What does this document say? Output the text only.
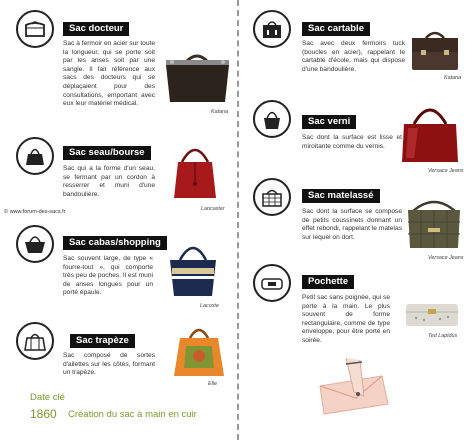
Sac docteur
Sac à fermoir en acier sur toute la longueur, qui se porte soit par les anses soit par une sangle. Il fait référence aux sacs des docteurs qui se déplaçaient pour des consultations, emportant avec eux leur matériel médical.
Katana
Sac seau/bourse
Sac qui a la forme d'un seau, se fermant par un cordon à resserrer et muni d'une bandoulière.
Lancaster
© www.forum-des-sacs.fr
Sac cabas/shopping
Sac souvent large, de type « fourre-tout », qui comporte très peu de poches. Il est muni de anses longues pour un porté épaule.
Lacoste
Sac trapèze
Sac composé de sortes d'ailettes sur les côtés, formant un trapèze.
Elle
Date clé
1860 Création du sac à main en cuir
Sac cartable
Sac avec deux fermoirs tuck (boucles en acier), rappelant le cartable d'école, mais qui dispose d'une bandoulière.
Katana
Sac verni
Sac dont la surface est lisse et miroitante comme du vernis.
Versace Jeans
Sac matelassé
Sac dont la surface se compose de petits coussinets donnant un effet rebondi, rappelant le matelas sur lequel on dort.
Versace Jeans
Pochette
Petit sac sans poignée, qui se porte à la main. Le plus souvent de forme rectangulaire, comme de type enveloppe, pour être porté en soirée.
Ted Lapidus
